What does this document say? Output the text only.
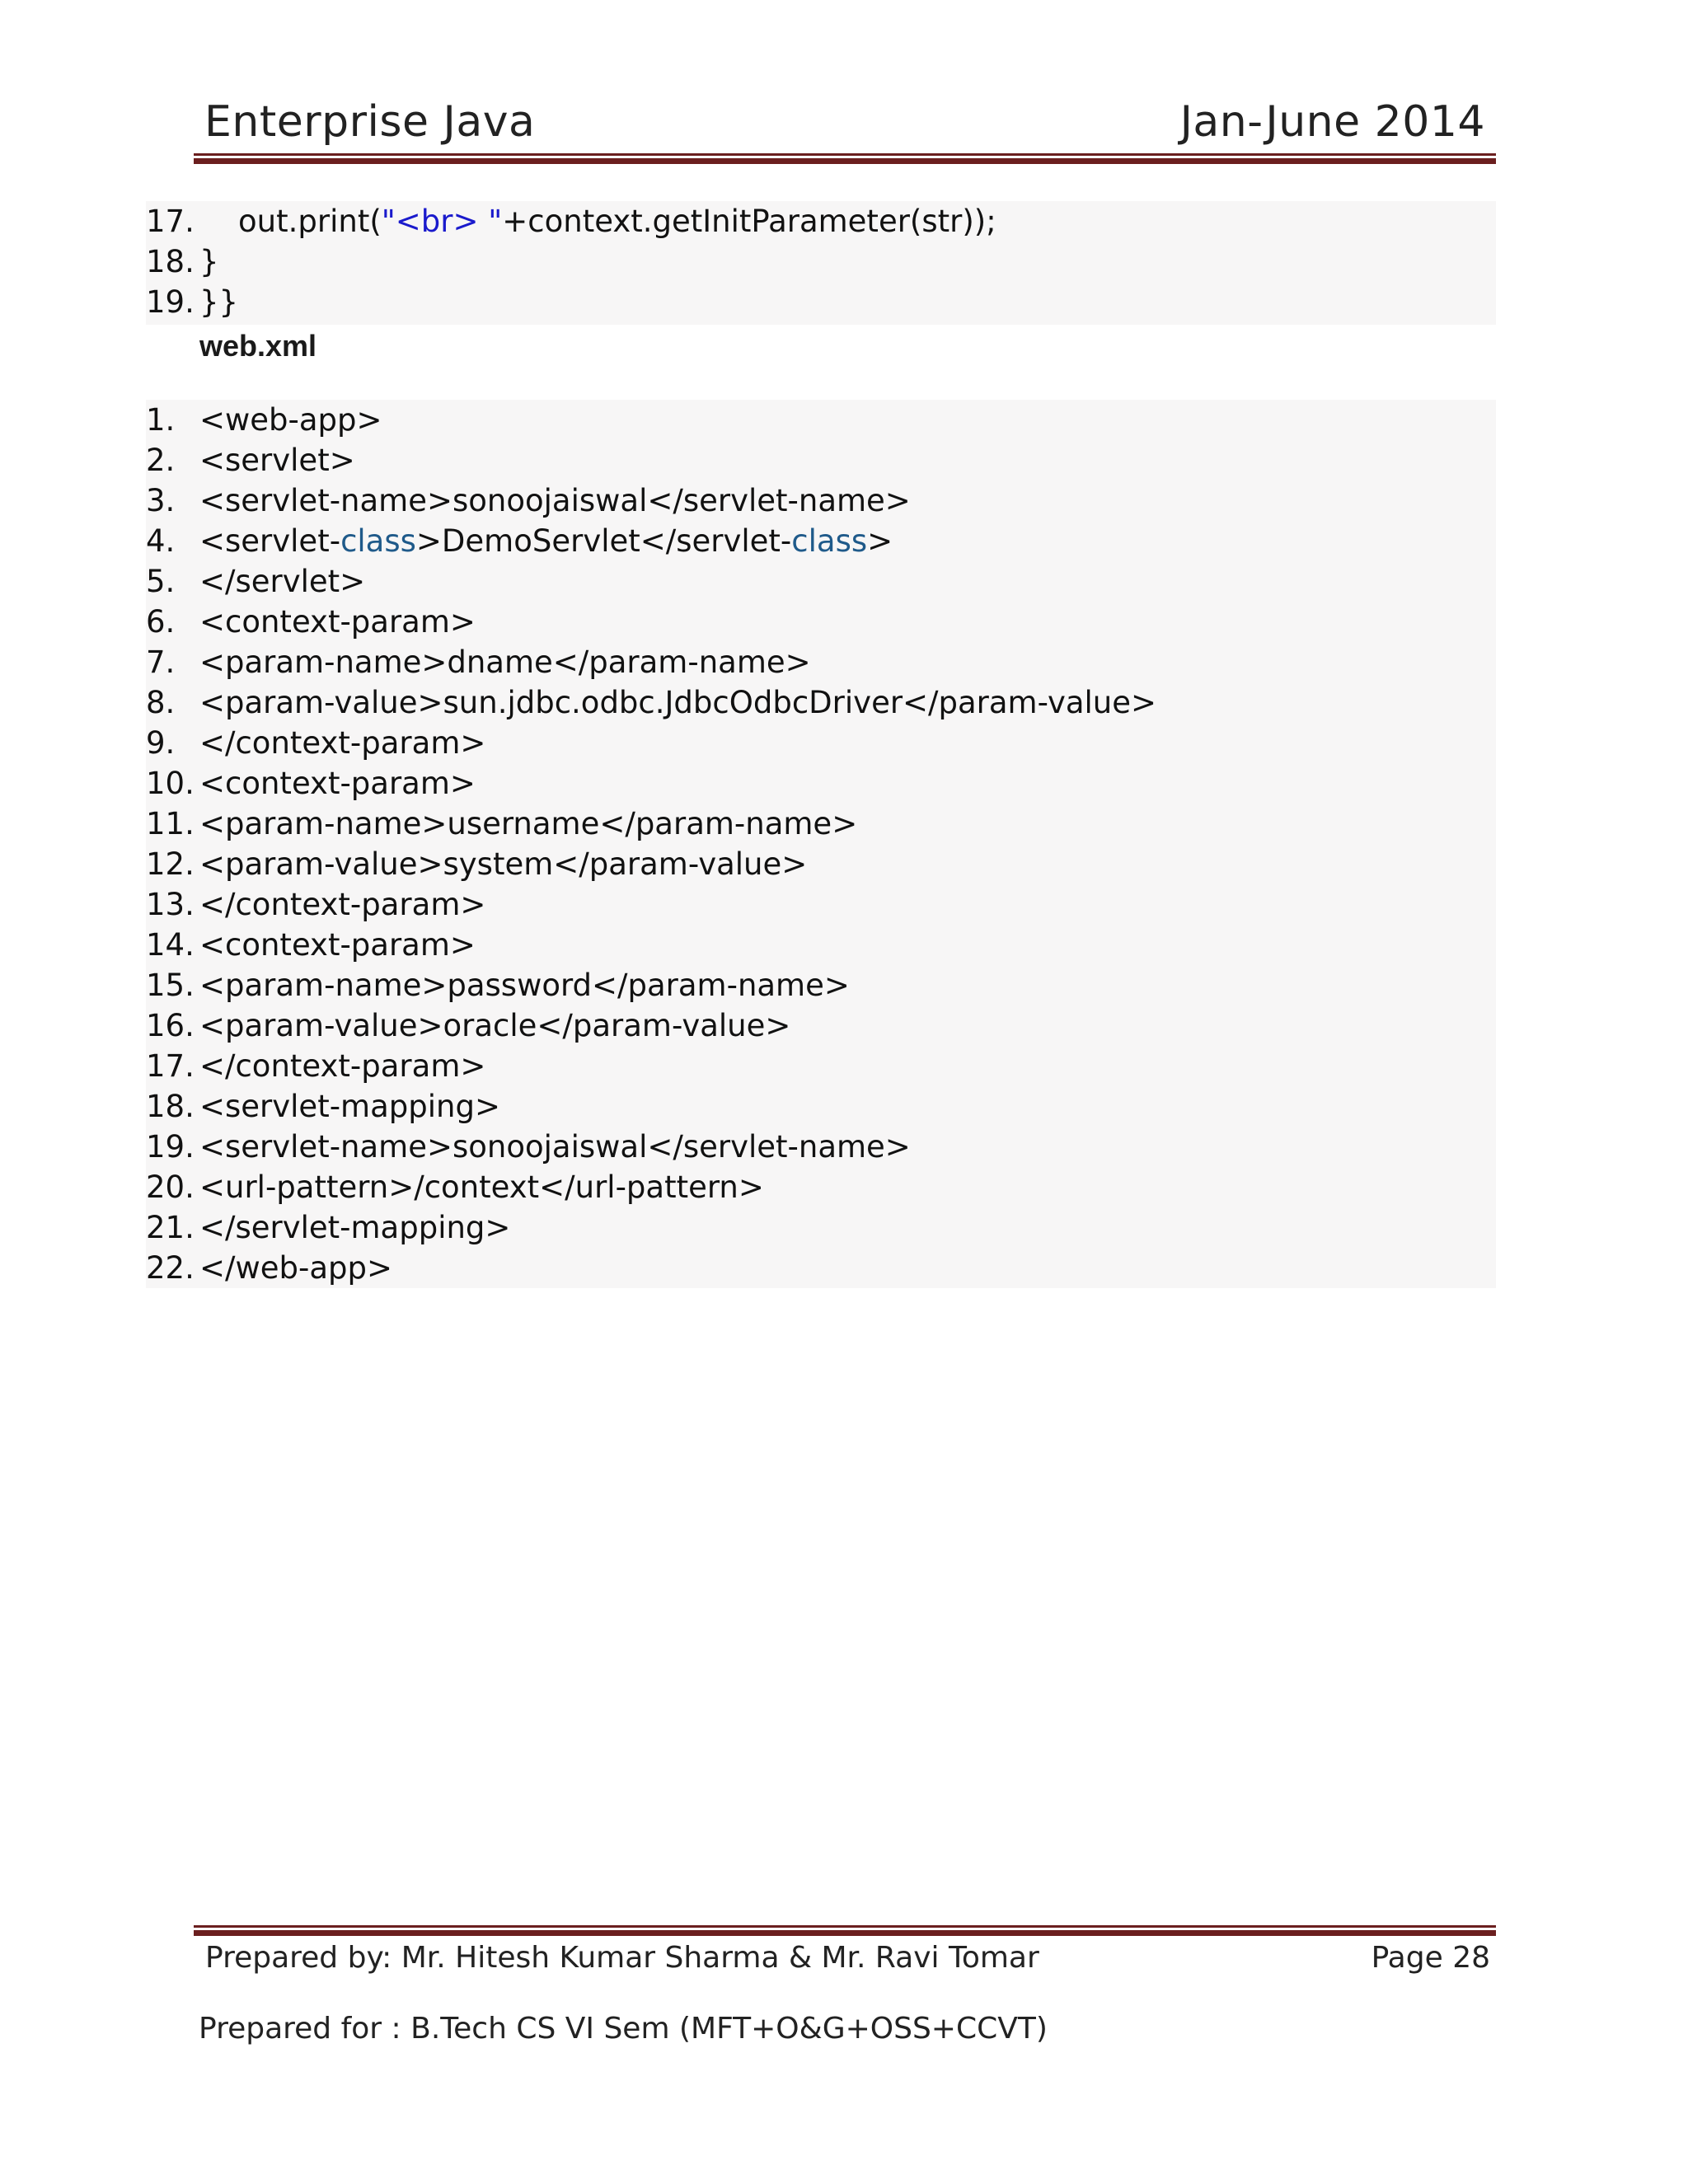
Enterprise Java	Jan-June 2014
17.    out.print("<br> "+context.getInitParameter(str));
18. }
19. }}
web.xml
1. <web-app>
2. <servlet>
3. <servlet-name>sonoojaiswal</servlet-name>
4. <servlet-class>DemoServlet</servlet-class>
5. </servlet>
6. <context-param>
7. <param-name>dname</param-name>
8. <param-value>sun.jdbc.odbc.JdbcOdbcDriver</param-value>
9. </context-param>
10. <context-param>
11. <param-name>username</param-name>
12. <param-value>system</param-value>
13. </context-param>
14. <context-param>
15. <param-name>password</param-name>
16. <param-value>oracle</param-value>
17. </context-param>
18. <servlet-mapping>
19. <servlet-name>sonoojaiswal</servlet-name>
20. <url-pattern>/context</url-pattern>
21. </servlet-mapping>
22. </web-app>
Prepared by: Mr. Hitesh Kumar Sharma & Mr. Ravi Tomar	Page 28
Prepared for : B.Tech CS VI Sem (MFT+O&G+OSS+CCVT)
